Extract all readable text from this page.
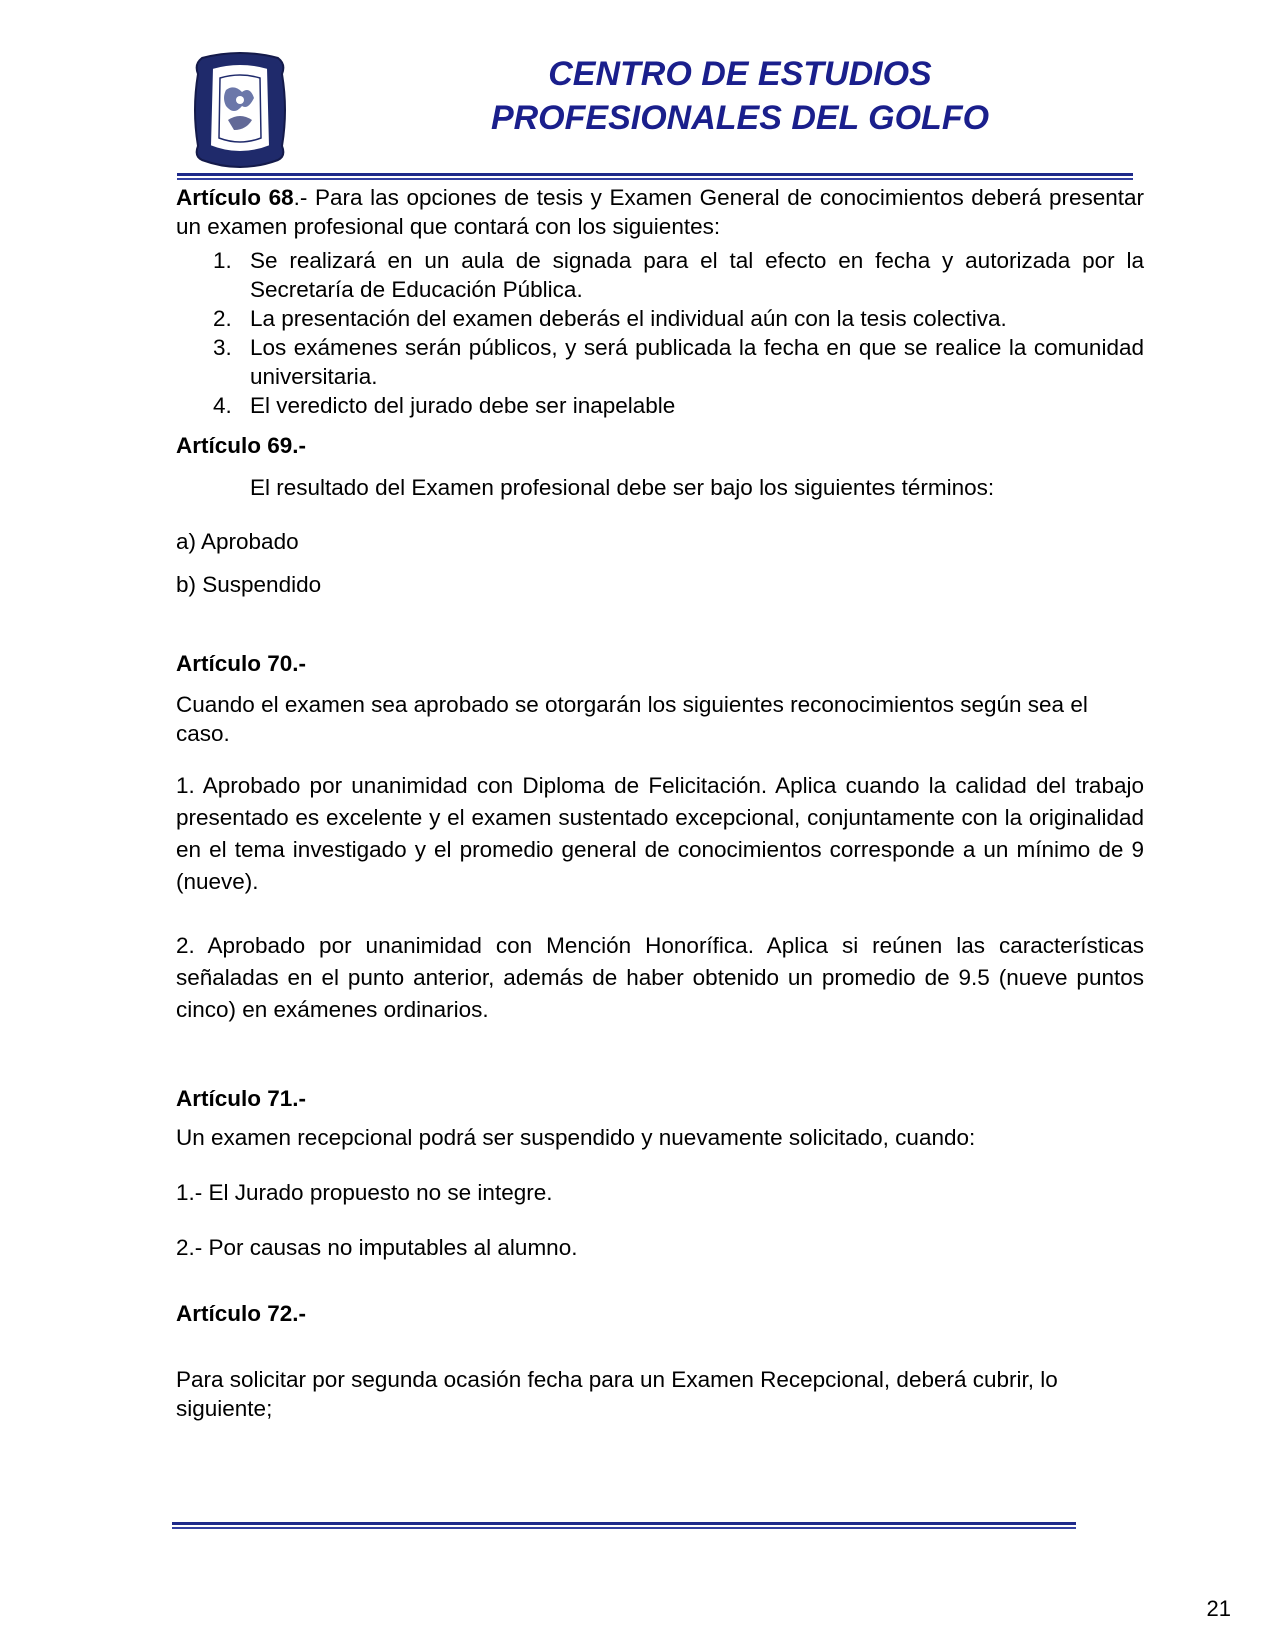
CENTRO DE ESTUDIOS
PROFESIONALES DEL GOLFO

Artículo 68.- Para las opciones de tesis y Examen General de conocimientos deberá presentar un examen profesional que contará con los siguientes:

1. Se realizará en un aula de signada para el tal efecto en fecha y autorizada por la Secretaría de Educación Pública.
2. La presentación del examen deberás el individual aún con la tesis colectiva.
3. Los exámenes serán públicos, y será publicada la fecha en que se realice la comunidad universitaria.
4. El veredicto del jurado debe ser inapelable

Artículo 69.-

El resultado del Examen profesional debe ser bajo los siguientes términos:

a) Aprobado

b) Suspendido

Artículo 70.-

Cuando el examen sea aprobado se otorgarán los siguientes reconocimientos según sea el caso.

1. Aprobado por unanimidad con Diploma de Felicitación. Aplica cuando la calidad del trabajo presentado es excelente y el examen sustentado excepcional, conjuntamente con la originalidad en el tema investigado y el promedio general de conocimientos corresponde a un mínimo de 9 (nueve).

2. Aprobado por unanimidad con Mención Honorífica. Aplica si reúnen las características señaladas en el punto anterior, además de haber obtenido un promedio de 9.5 (nueve puntos cinco) en exámenes ordinarios.

Artículo 71.-

Un examen recepcional podrá ser suspendido y nuevamente solicitado, cuando:

1.- El Jurado propuesto no se integre.

2.- Por causas no imputables al alumno.

Artículo 72.-

Para solicitar por segunda ocasión fecha para un Examen Recepcional, deberá cubrir, lo siguiente;

21
